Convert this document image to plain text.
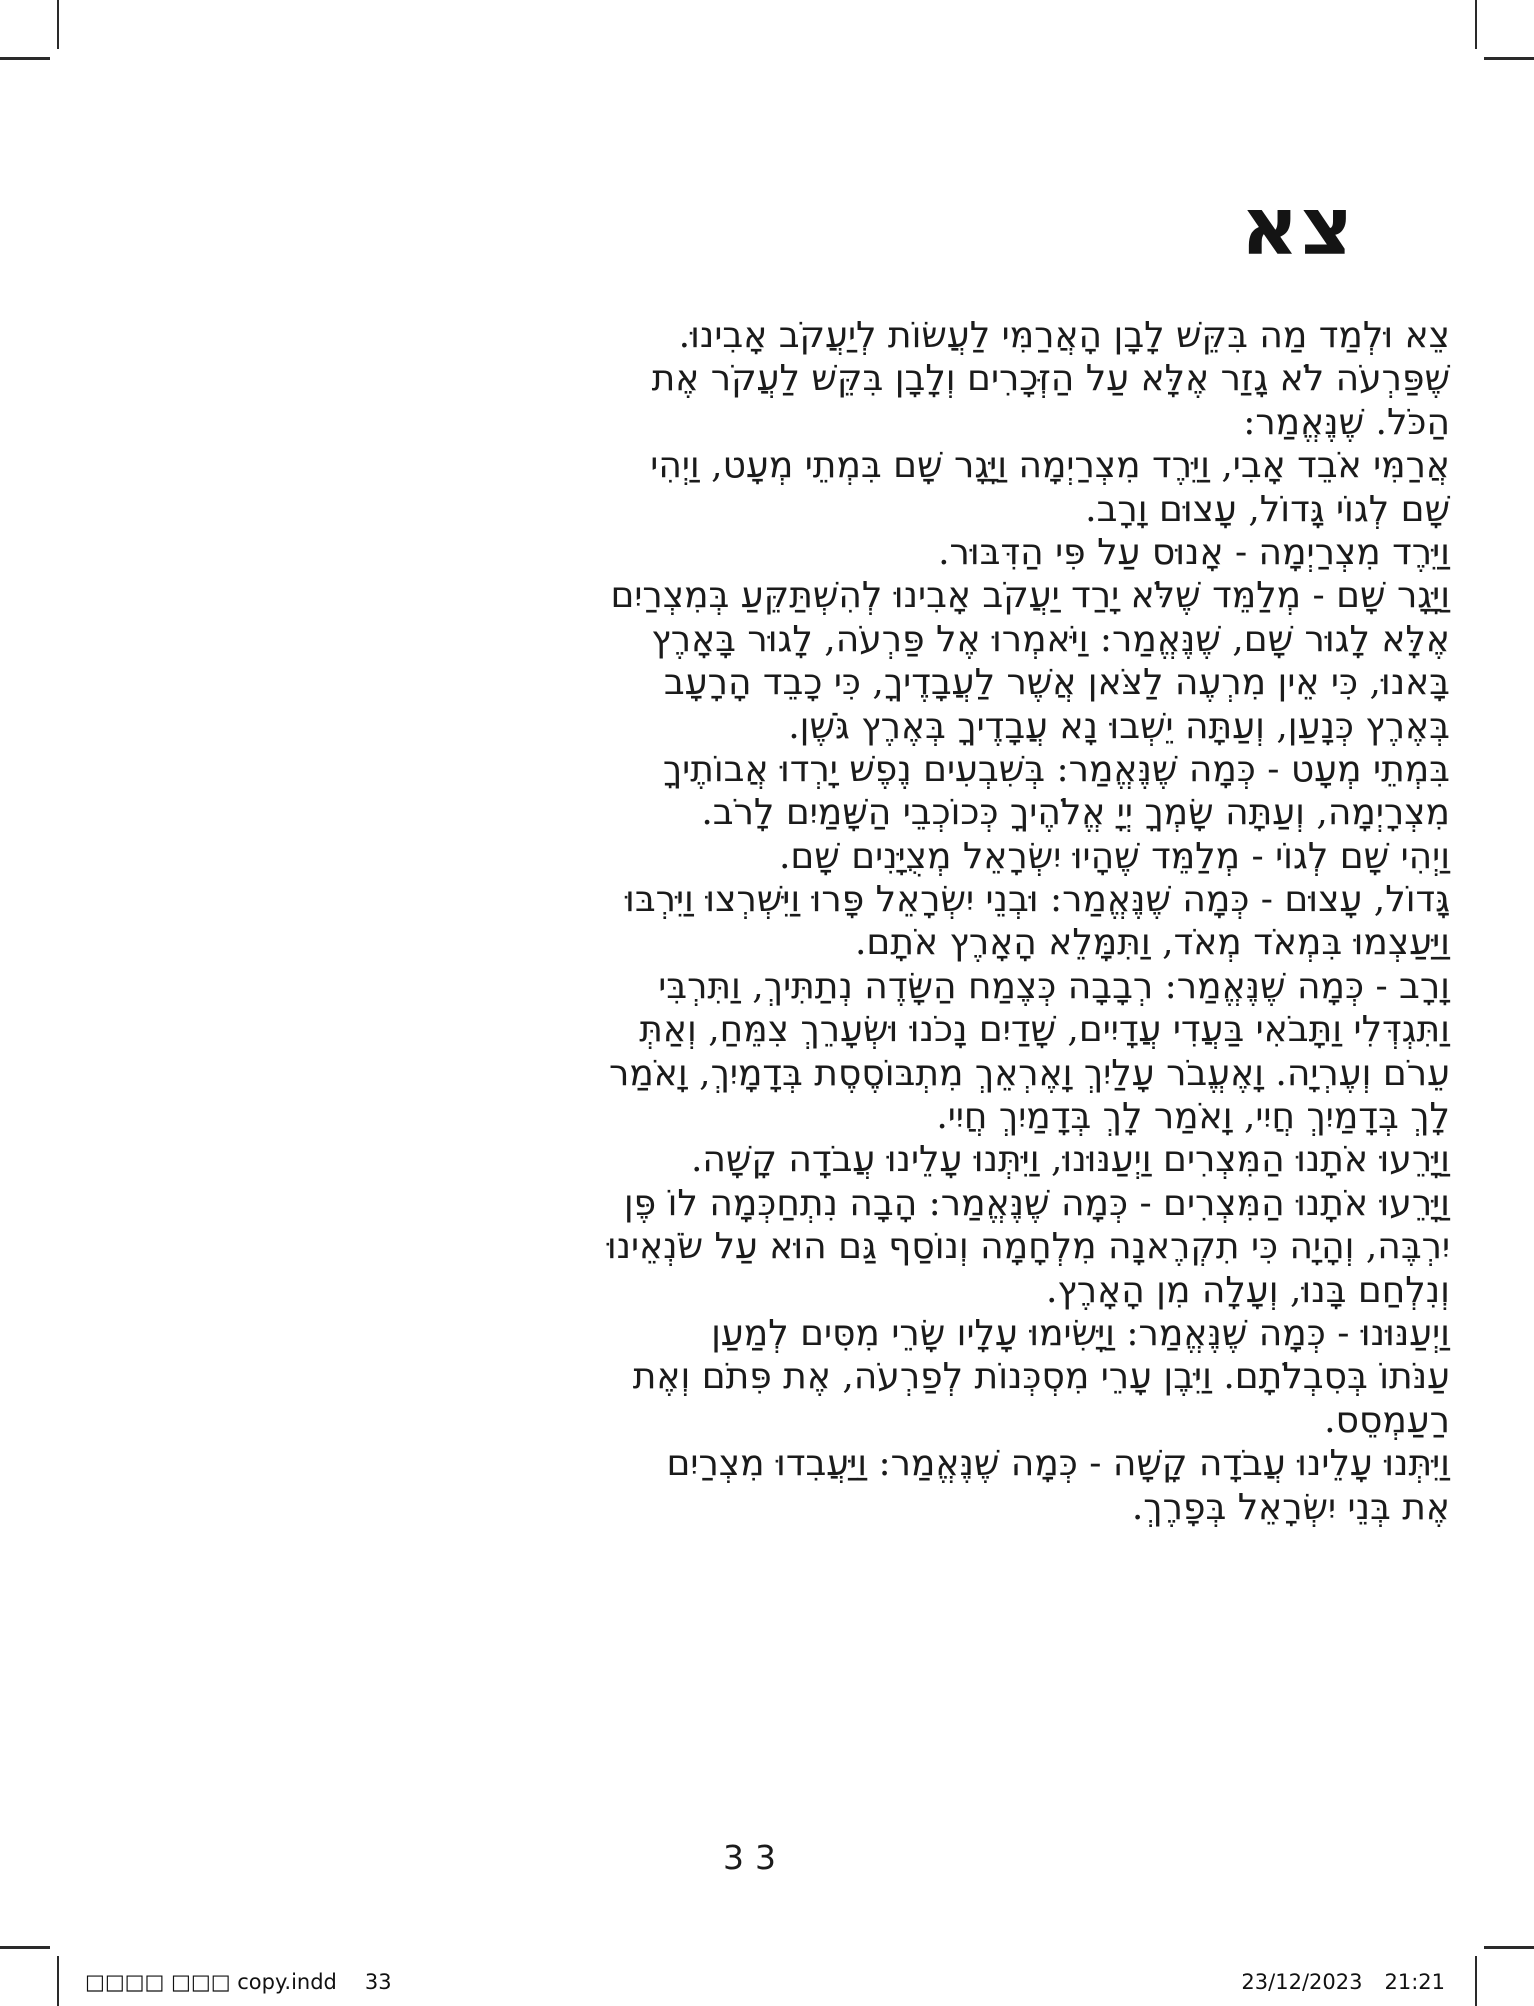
צא
צֵא וּלְמַד מַה בִּקֵּשׁ לָבָן הָאֲרַמִּי לַעֲשׂוֹת לְיַעֲקֹב אָבִינוּ.
שֶׁפַּרְעֹה לֹא גָזַר אֶלָּא עַל הַזְּכָרִים וְלָבָן בִּקֵּשׁ לַעֲקֹר אֶת
הַכֹּל. שֶׁנֶּאֱמַר:
אֲרַמִּי אֹבֵד אָבִי, וַיֵּרֶד מִצְרַיְמָה וַיָּגָר שָׁם בִּמְתֵי מְעָט, וַיְהִי
שָׁם לְגוֹי גָּדוֹל, עָצוּם וָרָב.
וַיֵּרֶד מִצְרַיְמָה - אָנוּס עַל פִּי הַדִּבּוּר.
וַיָּגָר שָׁם - מְלַמֵּד שֶׁלֹּא יָרַד יַעֲקֹב אָבִינוּ לְהִשְׁתַּקֵּעַ בְּמִצְרַיִם
אֶלָּא לָגוּר שָׁם, שֶׁנֶּאֱמַר: וַיֹּאמְרוּ אֶל פַּרְעֹה, לָגוּר בָּאָרֶץ
בָּאנוּ, כִּי אֵין מִרְעֶה לַצֹּאן אֲשֶׁר לַעֲבָדֶיךָ, כִּי כָבֵד הָרָעָב
בְּאֶרֶץ כְּנָעַן, וְעַתָּה יֵשְׁבוּ נָא עֲבָדֶיךָ בְּאֶרֶץ גֹּשֶׁן.
בִּמְתֵי מְעָט - כְּמָה שֶׁנֶּאֱמַר: בְּשִׁבְעִים נֶפֶשׁ יָרְדוּ אֲבוֹתֶיךָ
מִצְרָיְמָה, וְעַתָּה שָׂמְךָ יְיָ אֱלֹהֶיךָ כְּכוֹכְבֵי הַשָּׁמַיִם לָרֹב.
וַיְהִי שָׁם לְגוֹי - מְלַמֵּד שֶׁהָיוּ יִשְׂרָאֵל מְצֻיָּנִים שָׁם.
גָּדוֹל, עָצוּם - כְּמָה שֶׁנֶּאֱמַר: וּבְנֵי יִשְׂרָאֵל פָּרוּ וַיִּשְׁרְצוּ וַיִּרְבּוּ
וַיַּעַצְמוּ בִּמְאֹד מְאֹד, וַתִּמָּלֵא הָאָרֶץ אֹתָם.
וָרָב - כְּמָה שֶׁנֶּאֱמַר: רְבָבָה כְּצֶמַח הַשָּׂדֶה נְתַתִּיךְ, וַתִּרְבִּי
וַתִּגְדְּלִי וַתָּבֹאִי בַּעֲדִי עֲדָיִים, שָׁדַיִם נָכֹנוּ וּשְׂעָרֵךְ צִמֵּחַ, וְאַתְּ
עֵרֹם וְעֶרְיָה. וָאֶעֱבֹר עָלַיִךְ וָאֶרְאֵךְ מִתְבּוֹסֶסֶת בְּדָמָיִךְ, וָאֹמַר
לָךְ בְּדָמַיִךְ חֲיִי, וָאֹמַר לָךְ בְּדָמַיִךְ חֲיִי.
וַיָּרֵעוּ אֹתָנוּ הַמִּצְרִים וַיְעַנּוּנוּ, וַיִּתְּנוּ עָלֵינוּ עֲבֹדָה קָשָׁה.
וַיָּרֵעוּ אֹתָנוּ הַמִּצְרִים - כְּמָה שֶׁנֶּאֱמַר: הָבָה נִתְחַכְּמָה לוֹ פֶּן
יִרְבֶּה, וְהָיָה כִּי תִקְרֶאנָה מִלְחָמָה וְנוֹסַף גַּם הוּא עַל שֹׂנְאֵינוּ
וְנִלְחַם בָּנוּ, וְעָלָה מִן הָאָרֶץ.
וַיְעַנּוּנוּ - כְּמָה שֶׁנֶּאֱמַר: וַיָּשִׂימוּ עָלָיו שָׂרֵי מִסִּים לְמַעַן
עַנֹּתוֹ בְּסִבְלֹתָם. וַיִּבֶן עָרֵי מִסְכְּנוֹת לְפַרְעֹה, אֶת פִּתֹם וְאֶת
רַעַמְסֵס.
וַיִּתְּנוּ עָלֵינוּ עֲבֹדָה קָשָׁה - כְּמָה שֶׁנֶּאֱמַר: וַיַּעֲבִדוּ מִצְרַיִם
אֶת בְּנֵי יִשְׂרָאֵל בְּפָרֶךְ.
33
□□□□ □□□ copy.indd 33	23/12/2023 21:21
